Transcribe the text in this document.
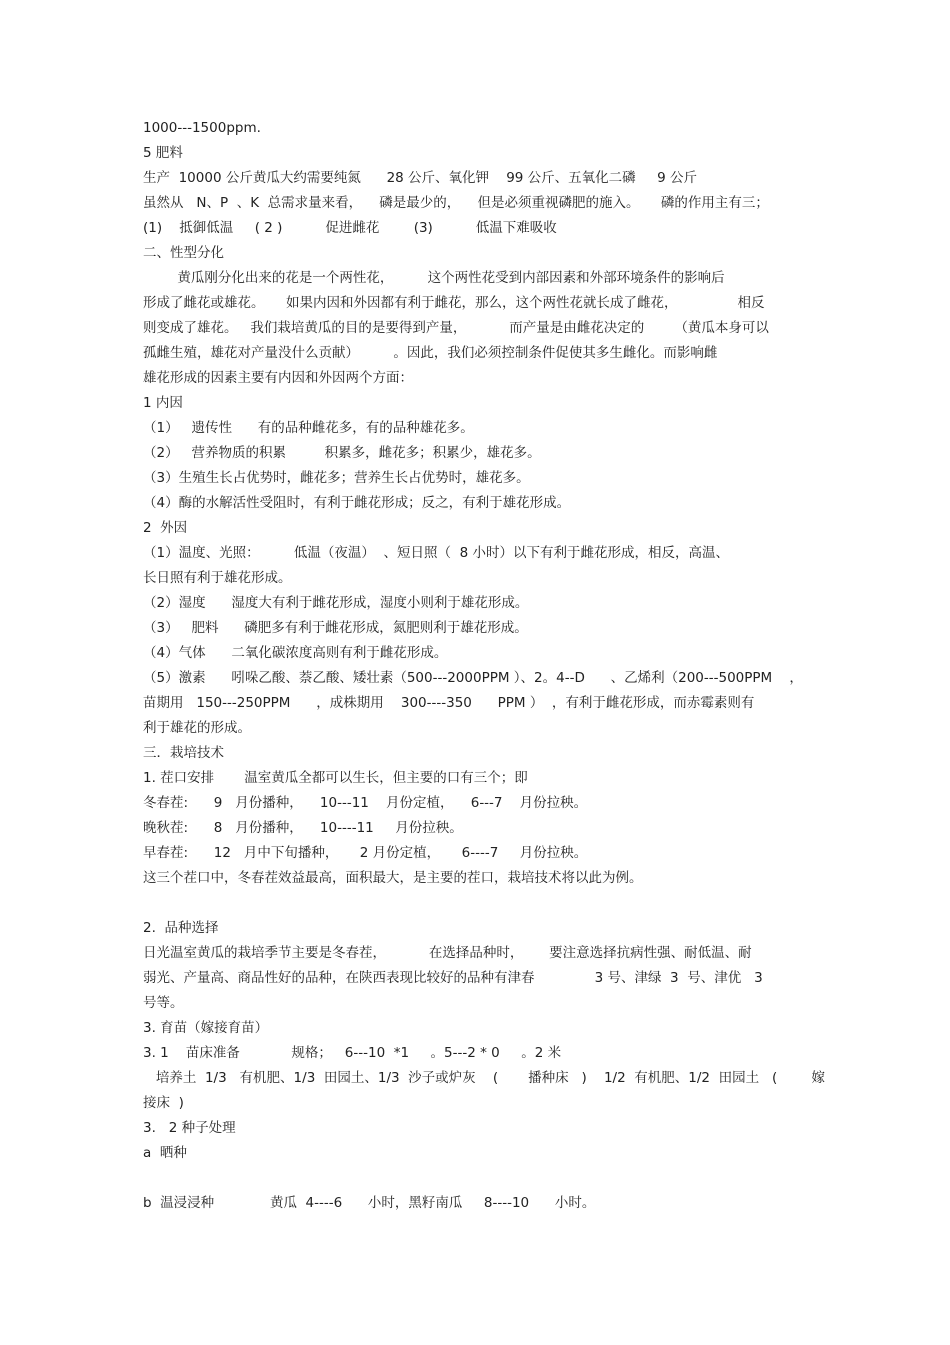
1000---1500ppm.
5 肥料
生产  10000 公斤黄瓜大约需要纯氮      28 公斤、氧化钾    99 公斤、五氧化二磷     9 公斤
虽然从   N、P  、K  总需求量来看，    磷是最少的，    但是必须重视磷肥的施入。     磷的作用主有三；
(1)    抵御低温     ( 2 )          促进雌花        (3)          低温下难吸收
二、性型分化
黄瓜刚分化出来的花是一个两性花，        这个两性花受到内部因素和外部环境条件的影响后
形成了雌花或雄花。     如果内因和外因都有利于雌花，那么，这个两性花就长成了雌花，              相反
则变成了雄花。   我们栽培黄瓜的目的是要得到产量，          而产量是由雌花决定的       （黄瓜本身可以
孤雌生殖，雄花对产量没什么贡献）        。因此，我们必须控制条件促使其多生雌化。而影响雌
雄花形成的因素主要有内因和外因两个方面：
1 内因
（1）   遗传性      有的品种雌花多，有的品种雄花多。
（2）   营养物质的积累         积累多，雌花多；积累少，雄花多。
（3）生殖生长占优势时，雌花多；营养生长占优势时，雄花多。
（4）酶的水解活性受阻时，有利于雌花形成；反之，有利于雄花形成。
2  外因
（1）温度、光照：        低温（夜温）  、短日照（  8 小时）以下有利于雌花形成，相反，高温、
长日照有利于雄花形成。
（2）湿度      湿度大有利于雌花形成，湿度小则利于雄花形成。
（3）   肥料      磷肥多有利于雌花形成，氮肥则利于雄花形成。
（4）气体      二氧化碳浓度高则有利于雌花形成。
（5）激素      吲哚乙酸、萘乙酸、矮壮素（500---2000PPM ）、2。4--D      、乙烯利（200---500PPM    ，
苗期用   150---250PPM      ，成株期用    300----350      PPM ）  ，有利于雌花形成，而赤霉素则有
利于雄花的形成。
三．栽培技术
1. 茬口安排       温室黄瓜全都可以生长，但主要的口有三个；即
冬春茬:      9   月份播种，    10---11    月份定植，    6---7    月份拉秧。
晚秋茬:      8   月份播种，    10----11     月份拉秧。
早春茬:      12   月中下旬播种，     2 月份定植，     6----7     月份拉秧。
这三个茬口中，冬春茬效益最高，面积最大，是主要的茬口，栽培技术将以此为例。
2.  品种选择
日光温室黄瓜的栽培季节主要是冬春茬，          在选择品种时，      要注意选择抗病性强、耐低温、耐
弱光、产量高、商品性好的品种，在陕西表现比较好的品种有津春              3 号、津绿  3  号、津优   3
号等。
3. 育苗（嫁接育苗）
3. 1    苗床准备            规格；   6---10  *1     。5---2 * 0     。2 米
培养土  1/3   有机肥、1/3  田园土、1/3  沙子或炉灰    (       播种床   )    1/2  有机肥、1/2  田园土   (        嫁
接床  )
3.   2 种子处理
a  晒种
b  温浸浸种             黄瓜  4----6      小时，黑籽南瓜     8----10      小时。
